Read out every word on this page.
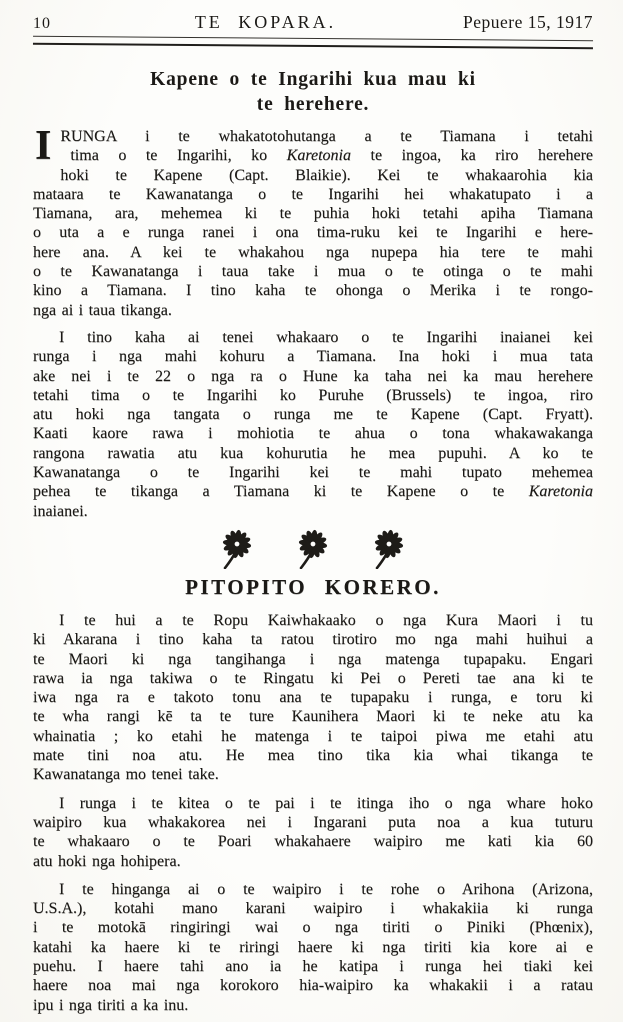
10	TE KOPARA.	Pepuere 15, 1917
Kapene o te Ingarihi kua mau ki
te herehere.
I RUNGA i te whakatotohutanga a te Tiamana i tetahi
tima o te Ingarihi, ko Karetonia te ingoa, ka riro herehere
hoki te Kapene (Capt. Blaikie). Kei te whakaarohia kia
mataara te Kawanatanga o te Ingarihi hei whakatupato i a
Tiamana, ara, mehemea ki te puhia hoki tetahi apiha Tiamana
o uta a e runga ranei i ona tima-ruku kei te Ingarihi e here-
here ana. A kei te whakahou nga nupepa hia tere te mahi
o te Kawanatanga i taua take i mua o te otinga o te mahi
kino a Tiamana. I tino kaha te ohonga o Merika i te rongo-
nga ai i taua tikanga.
I tino kaha ai tenei whakaaro o te Ingarihi inaianei kei
runga i nga mahi kohuru a Tiamana. Ina hoki i mua tata
ake nei i te 22 o nga ra o Hune ka taha nei ka mau herehere
tetahi tima o te Ingarihi ko Puruhe (Brussels) te ingoa, riro
atu hoki nga tangata o runga me te Kapene (Capt. Fryatt).
Kaati kaore rawa i mohiotia te ahua o tona whakawakanga
rangona rawatia atu kua kohurutia he mea pupuhi. A ko te
Kawanatanga o te Ingarihi kei te mahi tupato mehemea
pehea te tikanga a Tiamana ki te Kapene o te Karetonia
inaianei.

PITOPITO KORERO.
I te hui a te Ropu Kaiwhakaako o nga Kura Maori i tu
ki Akarana i tino kaha ta ratou tirotiro mo nga mahi huihui a
te Maori ki nga tangihanga i nga matenga tupapaku. Engari
rawa ia nga takiwa o te Ringatu ki Pei o Pereti tae ana ki te
iwa nga ra e takoto tonu ana te tupapaku i runga, e toru ki
te wha rangi kē ta te ture Kaunihera Maori ki te neke atu ka
whainatia ; ko etahi he matenga i te taipoi piwa me etahi atu
mate tini noa atu. He mea tino tika kia whai tikanga te
Kawanatanga mo tenei take.
I runga i te kitea o te pai i te itinga iho o nga whare hoko
waipiro kua whakakorea nei i Ingarani puta noa a kua tuturu
te whakaaro o te Poari whakahaere waipiro me kati kia 60
atu hoki nga hohipera.
I te hinganga ai o te waipiro i te rohe o Arihona (Arizona,
U.S.A.), kotahi mano karani waipiro i whakakiia ki runga
i te motokā ringiringi wai o nga tiriti o Piniki (Phœnix),
katahi ka haere ki te riringi haere ki nga tiriti kia kore ai e
puehu. I haere tahi ano ia he katipa i runga hei tiaki kei
haere noa mai nga korokoro hia-waipiro ka whakakii i a ratau
ipu i nga tiriti a ka inu.
